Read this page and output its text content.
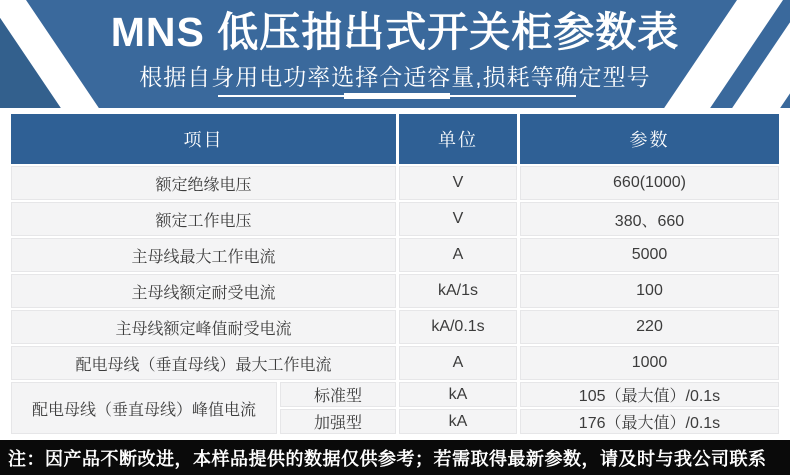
MNS 低压抽出式开关柜参数表
根据自身用电功率选择合适容量,损耗等确定型号
项目		单位	参数
额定绝缘电压		V	660(1000)
额定工作电压		V	380、660
主母线最大工作电流		A	5000
主母线额定耐受电流		kA/1s	100
主母线额定峰值耐受电流		kA/0.1s	220
配电母线（垂直母线）最大工作电流		A	1000
配电母线（垂直母线）峰值电流	标准型	kA	105（最大值）/0.1s
	加强型	kA	176（最大值）/0.1s
注：因产品不断改进，本样品提供的数据仅供参考；若需取得最新参数，请及时与我公司联系
